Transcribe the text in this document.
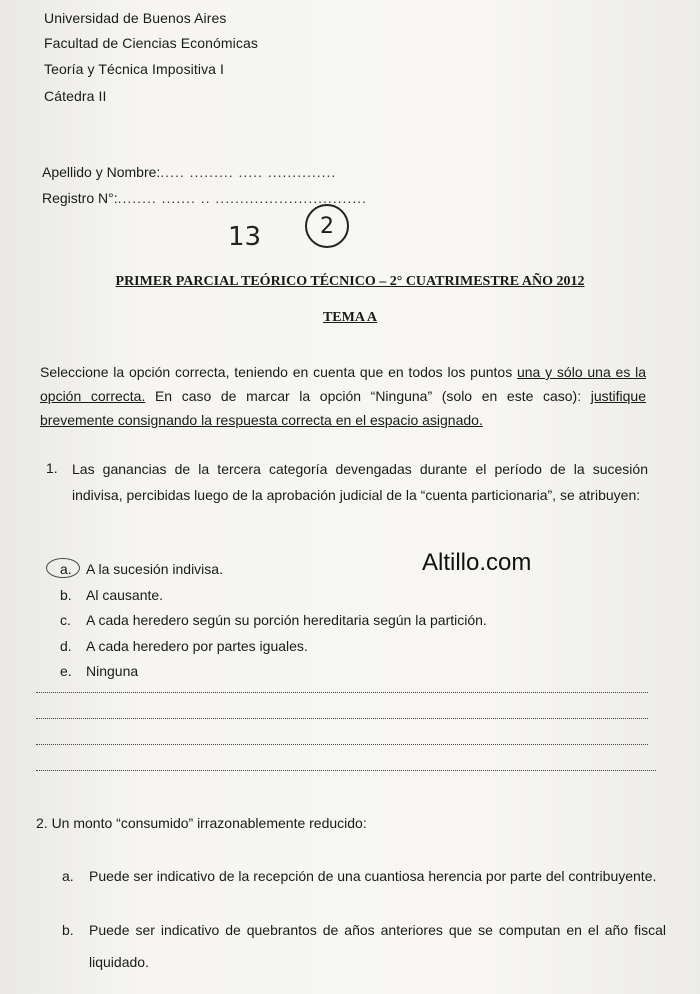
Universidad de Buenos Aires
Facultad de Ciencias Económicas
Teoría y Técnica Impositiva I
Cátedra II
Apellido y Nombre:..... ......... ..... ..............
Registro N°:........ ....... .. ...............................
13	2
PRIMER PARCIAL TEÓRICO TÉCNICO – 2° CUATRIMESTRE AÑO 2012
TEMA A
Seleccione la opción correcta, teniendo en cuenta que en todos los puntos una y sólo una es la opción correcta. En caso de marcar la opción “Ninguna” (solo en este caso): justifique brevemente consignando la respuesta correcta en el espacio asignado.
1. Las ganancias de la tercera categoría devengadas durante el período de la sucesión indivisa, percibidas luego de la aprobación judicial de la “cuenta particionaria”, se atribuyen:
a. A la sucesión indivisa.
b. Al causante.
c. A cada heredero según su porción hereditaria según la partición.
d. A cada heredero por partes iguales.
e. Ninguna
Altillo.com
2. Un monto “consumido” irrazonablemente reducido:
a. Puede ser indicativo de la recepción de una cuantiosa herencia por parte del contribuyente.
b. Puede ser indicativo de quebrantos de años anteriores que se computan en el año fiscal liquidado.
